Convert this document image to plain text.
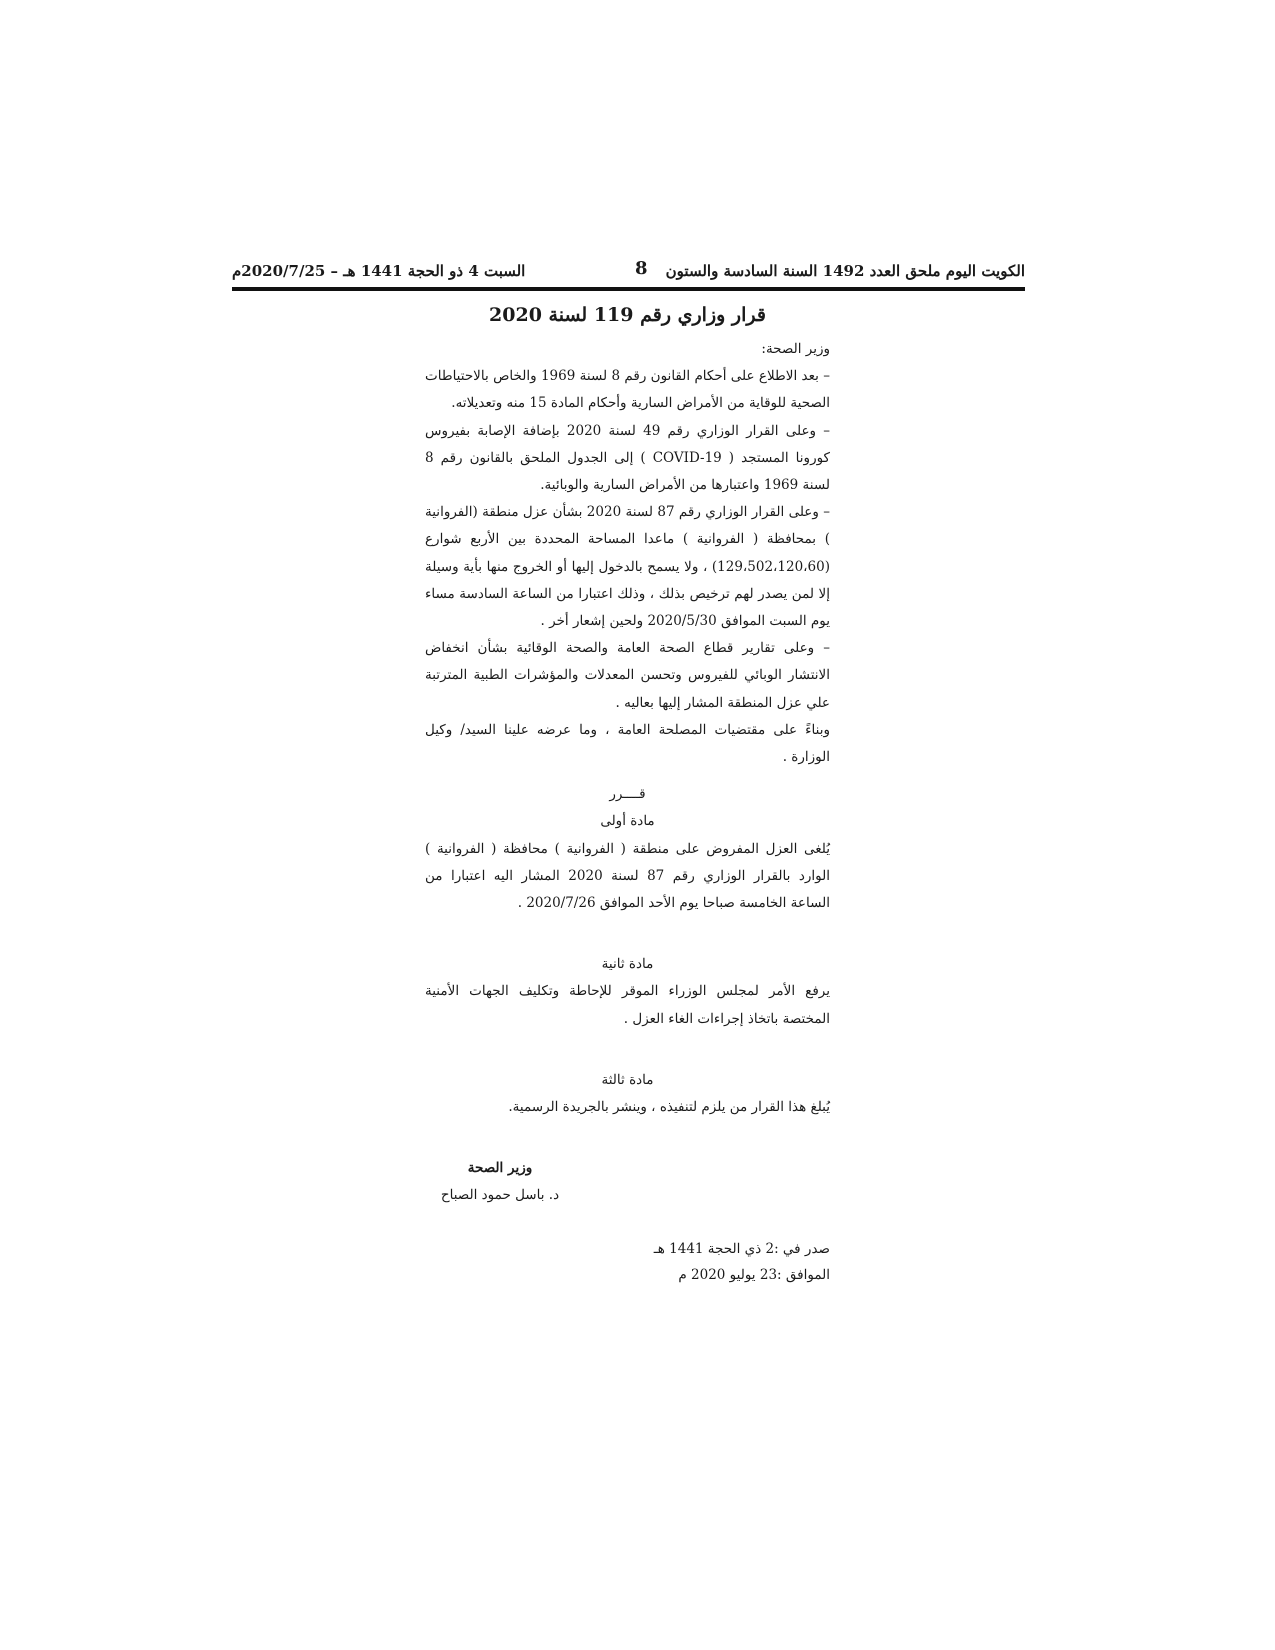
الكويت اليوم ملحق العدد 1492 السنة السادسة والستون
8
السبت 4 ذو الحجة 1441 هـ – 2020/7/25م
قرار وزاري رقم 119 لسنة 2020

وزير الصحة:

– بعد الاطلاع على أحكام القانون رقم 8 لسنة 1969 والخاص بالاحتياطات الصحية للوقاية من الأمراض السارية وأحكام المادة 15 منه وتعديلاته.

– وعلى القرار الوزاري رقم 49 لسنة 2020 بإضافة الإصابة بفيروس كورونا المستجد ( COVID-19 ) إلى الجدول الملحق بالقانون رقم 8 لسنة 1969 واعتبارها من الأمراض السارية والوبائية.

– وعلى القرار الوزاري رقم 87 لسنة 2020 بشأن عزل منطقة (الفروانية ) بمحافظة ( الفروانية ) ماعدا المساحة المحددة بين الأربع شوارع (129،502،120،60) ، ولا يسمح بالدخول إليها أو الخروج منها بأية وسيلة إلا لمن يصدر لهم ترخيص بذلك ، وذلك اعتبارا من الساعة السادسة مساء يوم السبت الموافق 2020/5/30 ولحين إشعار أخر .

– وعلى تقارير قطاع الصحة العامة والصحة الوقائية بشأن انخفاض الانتشار الوبائي للفيروس وتحسن المعدلات والمؤشرات الطبية المترتبة علي عزل المنطقة المشار إليها بعاليه .

وبناءً على مقتضيات المصلحة العامة ، وما عرضه علينا السيد/ وكيل الوزارة .

قــــرر

مادة أولى

يُلغى العزل المفروض على منطقة ( الفروانية ) محافظة ( الفروانية ) الوارد بالقرار الوزاري رقم 87 لسنة 2020 المشار اليه اعتبارا من الساعة الخامسة صباحا يوم الأحد الموافق 2020/7/26 .

مادة ثانية

يرفع الأمر لمجلس الوزراء الموقر للإحاطة وتكليف الجهات الأمنية المختصة باتخاذ إجراءات الغاء العزل .

مادة ثالثة

يُبلغ هذا القرار من يلزم لتنفيذه ، وينشر بالجريدة الرسمية.

وزير الصحة

د. باسل حمود الصباح

صدر في :2 ذي الحجة 1441 هـ

الموافق :23 يوليو 2020 م
